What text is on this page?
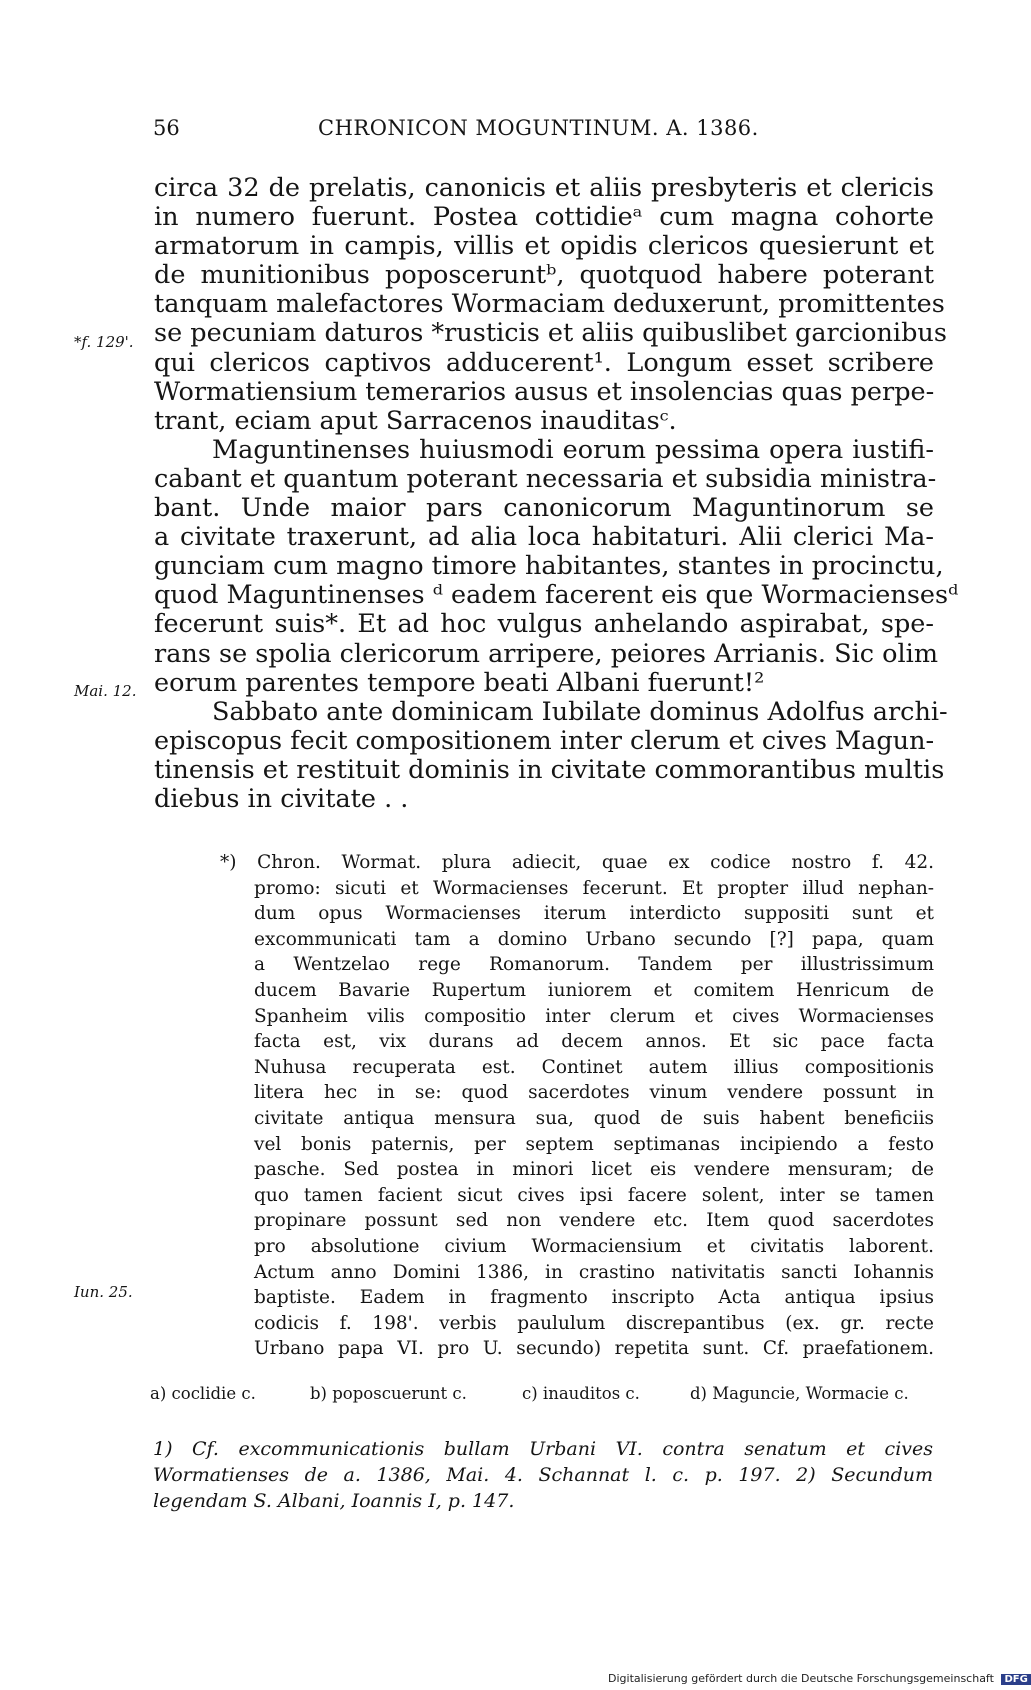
56	CHRONICON MOGUNTINUM. A. 1386.
*f. 129'.
Mai. 12.
Iun. 25.
circa 32 de prelatis, canonicis et aliis presbyteris et clericis
in numero fuerunt. Postea cottidieᵃ cum magna cohorte
armatorum in campis, villis et opidis clericos quesierunt et
de munitionibus poposceruntᵇ, quotquod habere poterant
tanquam malefactores Wormaciam deduxerunt, promittentes
se pecuniam daturos *rusticis et aliis quibuslibet garcionibus
qui clericos captivos adducerent¹. Longum esset scribere
Wormatiensium temerarios ausus et insolencias quas perpe-
trant, eciam aput Sarracenos inauditasᶜ.
Maguntinenses huiusmodi eorum pessima opera iustifi-
cabant et quantum poterant necessaria et subsidia ministra-
bant. Unde maior pars canonicorum Maguntinorum se
a civitate traxerunt, ad alia loca habitaturi. Alii clerici Ma-
gunciam cum magno timore habitantes, stantes in procinctu,
quod Maguntinenses ᵈ eadem facerent eis que Wormaciensesᵈ
fecerunt suis*. Et ad hoc vulgus anhelando aspirabat, spe-
rans se spolia clericorum arripere, peiores Arrianis. Sic olim
eorum parentes tempore beati Albani fuerunt!²
Sabbato ante dominicam Iubilate dominus Adolfus archi-
episcopus fecit compositionem inter clerum et cives Magun-
tinensis et restituit dominis in civitate commorantibus multis
diebus in civitate . .
*) Chron. Wormat. plura adiecit, quae ex codice nostro f. 42.
promo: sicuti et Wormacienses fecerunt. Et propter illud nephan-
dum opus Wormacienses iterum interdicto suppositi sunt et
excommunicati tam a domino Urbano secundo [?] papa, quam
a Wentzelao rege Romanorum. Tandem per illustrissimum
ducem Bavarie Rupertum iuniorem et comitem Henricum de
Spanheim vilis compositio inter clerum et cives Wormacienses
facta est, vix durans ad decem annos. Et sic pace facta
Nuhusa recuperata est. Continet autem illius compositionis
litera hec in se: quod sacerdotes vinum vendere possunt in
civitate antiqua mensura sua, quod de suis habent beneficiis
vel bonis paternis, per septem septimanas incipiendo a festo
pasche. Sed postea in minori licet eis vendere mensuram; de
quo tamen facient sicut cives ipsi facere solent, inter se tamen
propinare possunt sed non vendere etc. Item quod sacerdotes
pro absolutione civium Wormaciensium et civitatis laborent.
Actum anno Domini 1386, in crastino nativitatis sancti Iohannis
baptiste. Eadem in fragmento inscripto Acta antiqua ipsius
codicis f. 198'. verbis paululum discrepantibus (ex. gr. recte
Urbano papa VI. pro U. secundo) repetita sunt. Cf. praefationem.
a) coclidie c.	b) poposcuerunt c.	c) inauditos c.	d) Maguncie, Wormacie c.
1) Cf. excommunicationis bullam Urbani VI. contra senatum et cives
Wormatienses de a. 1386, Mai. 4. Schannat l. c. p. 197. 2) Secundum
legendam S. Albani, Ioannis I, p. 147.
Digitalisierung gefördert durch die Deutsche Forschungsgemeinschaft DFG
